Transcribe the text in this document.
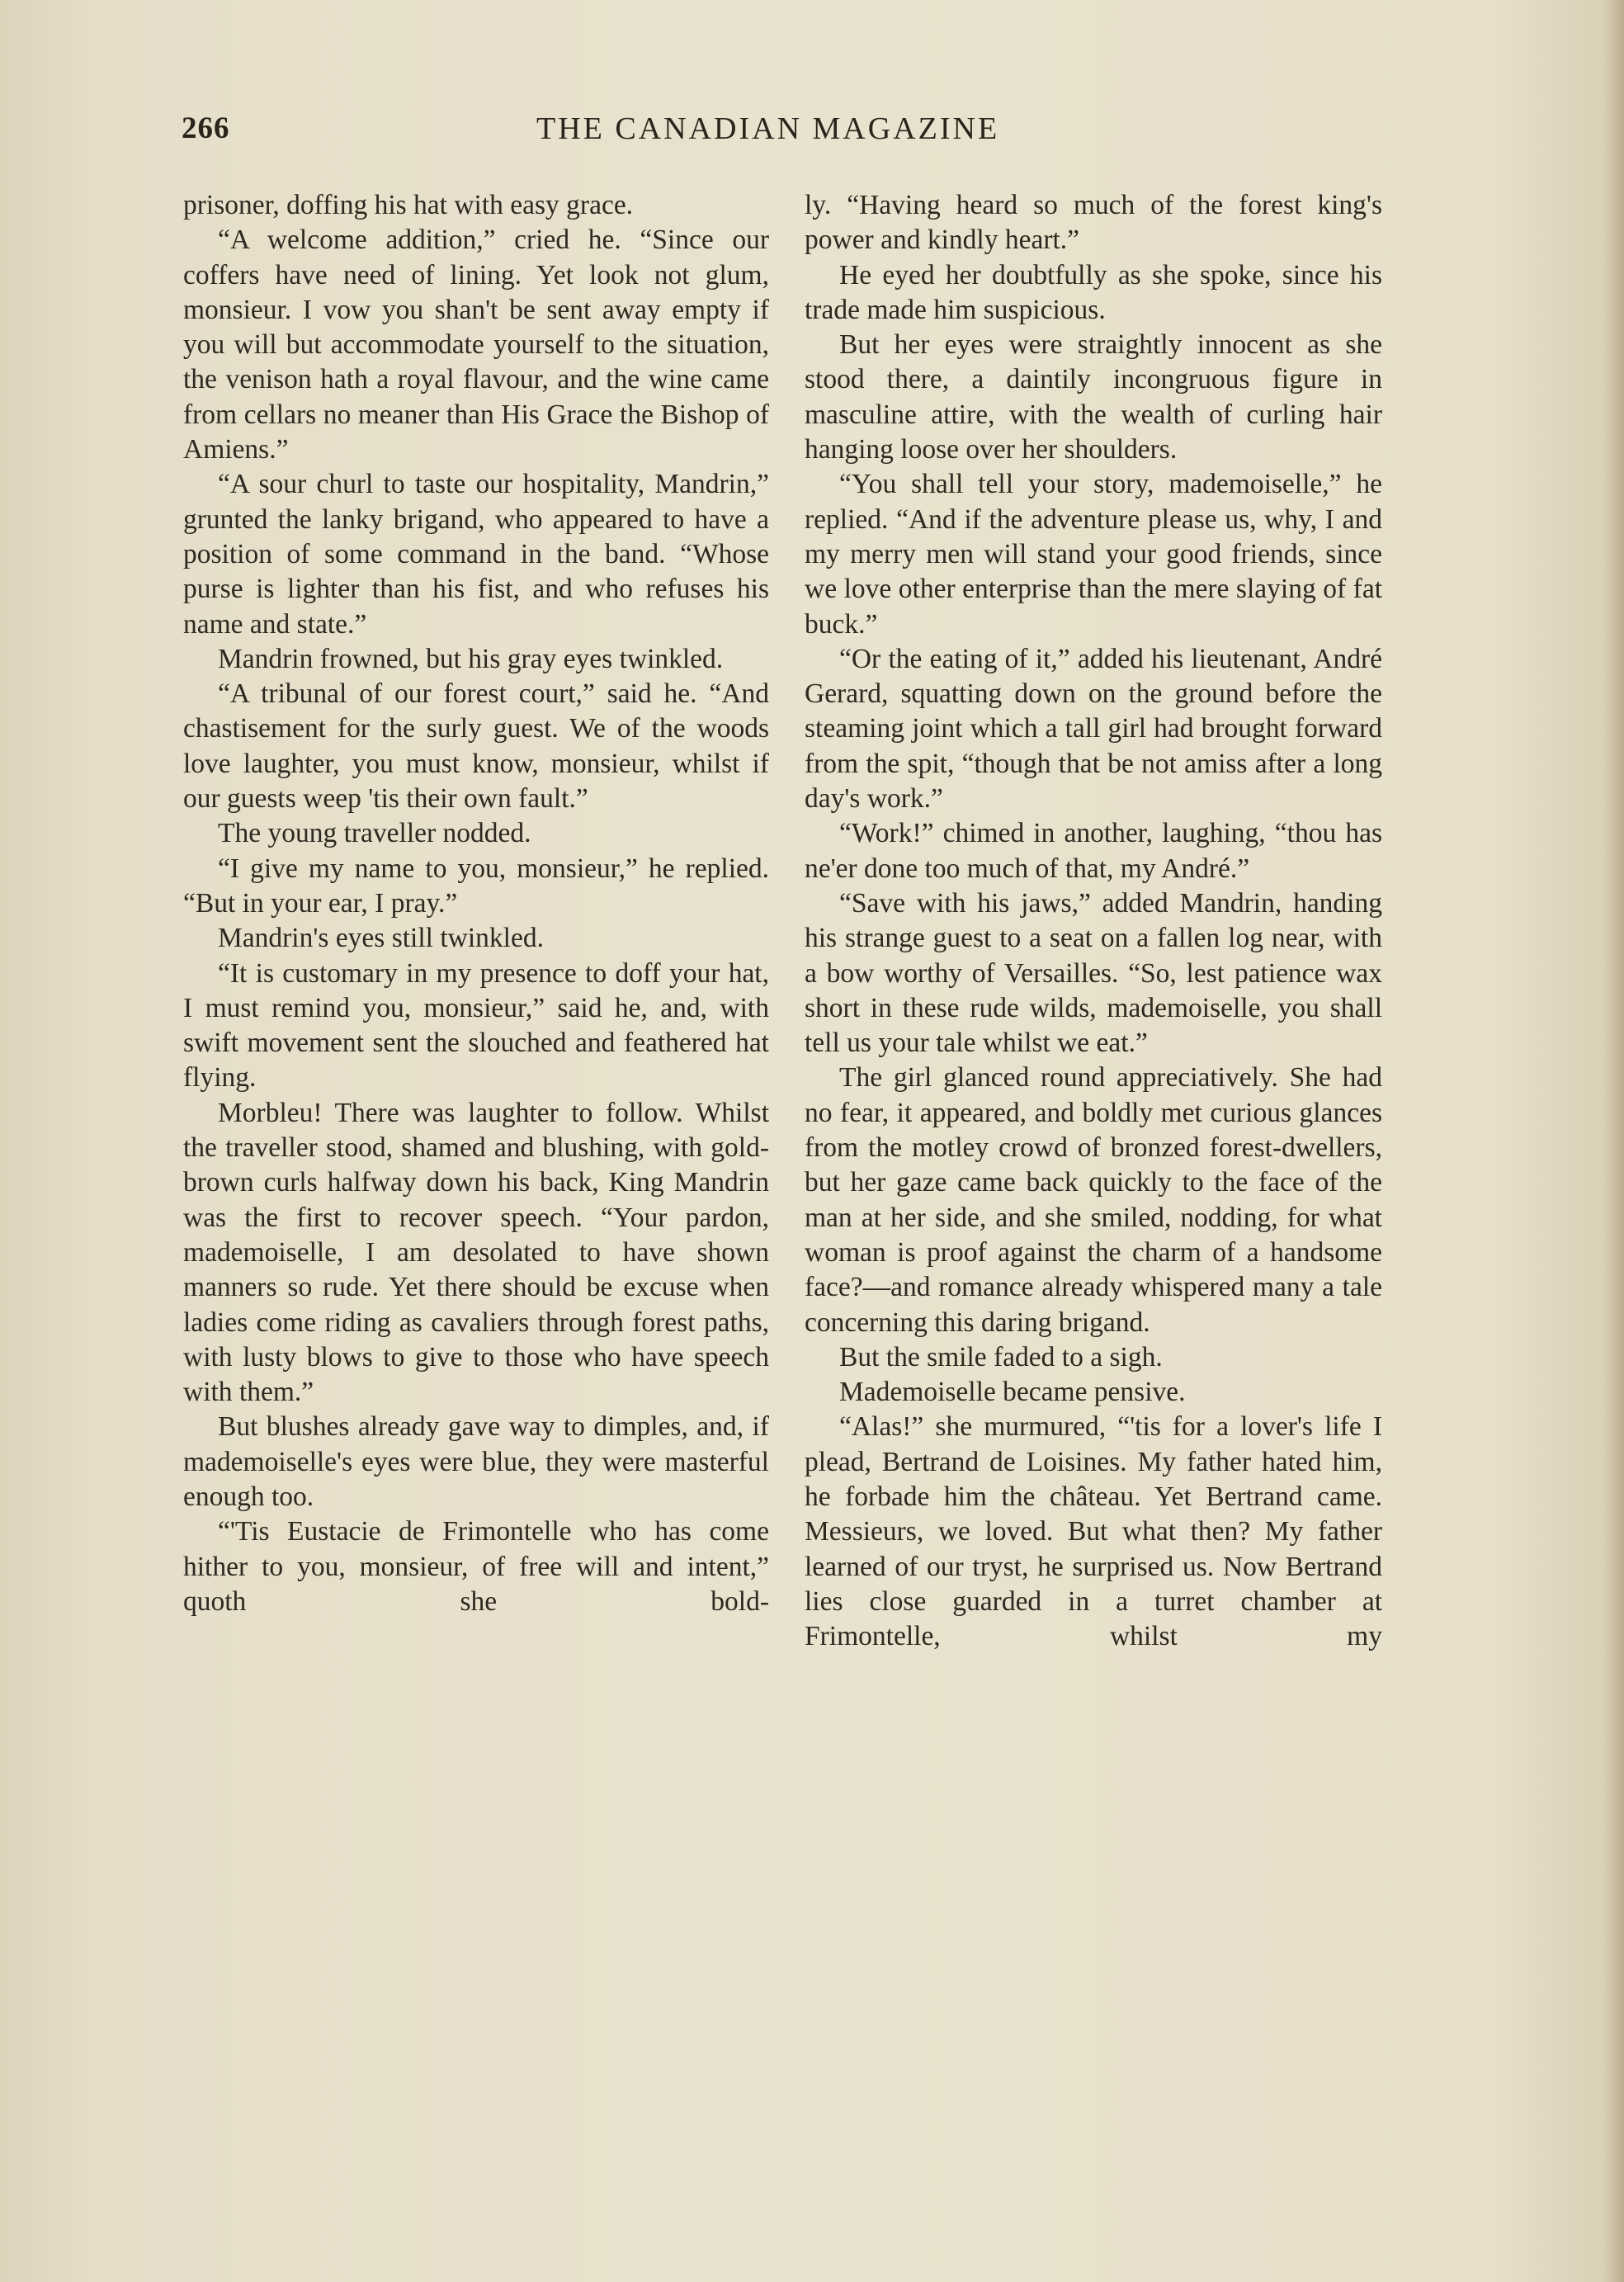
266	THE CANADIAN MAGAZINE

prisoner, doffing his hat with easy grace.

“A welcome addition,” cried he. “Since our coffers have need of lining. Yet look not glum, monsieur. I vow you shan't be sent away empty if you will but accommodate yourself to the situation, the venison hath a royal flavour, and the wine came from cellars no meaner than His Grace the Bishop of Amiens.”

“A sour churl to taste our hospitality, Mandrin,” grunted the lanky brigand, who appeared to have a position of some command in the band. “Whose purse is lighter than his fist, and who refuses his name and state.”

Mandrin frowned, but his gray eyes twinkled.

“A tribunal of our forest court,” said he. “And chastisement for the surly guest. We of the woods love laughter, you must know, monsieur, whilst if our guests weep 'tis their own fault.”

The young traveller nodded.

“I give my name to you, monsieur,” he replied. “But in your ear, I pray.”

Mandrin's eyes still twinkled.

“It is customary in my presence to doff your hat, I must remind you, monsieur,” said he, and, with swift movement sent the slouched and feathered hat flying.

Morbleu! There was laughter to follow. Whilst the traveller stood, shamed and blushing, with gold-brown curls halfway down his back, King Mandrin was the first to recover speech. “Your pardon, mademoiselle, I am desolated to have shown manners so rude. Yet there should be excuse when ladies come riding as cavaliers through forest paths, with lusty blows to give to those who have speech with them.”

But blushes already gave way to dimples, and, if mademoiselle's eyes were blue, they were masterful enough too.

“'Tis Eustacie de Frimontelle who has come hither to you, monsieur, of free will and intent,” quoth she bold-

ly. “Having heard so much of the forest king's power and kindly heart.”

He eyed her doubtfully as she spoke, since his trade made him suspicious.

But her eyes were straightly innocent as she stood there, a daintily incongruous figure in masculine attire, with the wealth of curling hair hanging loose over her shoulders.

“You shall tell your story, mademoiselle,” he replied. “And if the adventure please us, why, I and my merry men will stand your good friends, since we love other enterprise than the mere slaying of fat buck.”

“Or the eating of it,” added his lieutenant, André Gerard, squatting down on the ground before the steaming joint which a tall girl had brought forward from the spit, “though that be not amiss after a long day's work.”

“Work!” chimed in another, laughing, “thou has ne'er done too much of that, my André.”

“Save with his jaws,” added Mandrin, handing his strange guest to a seat on a fallen log near, with a bow worthy of Versailles. “So, lest patience wax short in these rude wilds, mademoiselle, you shall tell us your tale whilst we eat.”

The girl glanced round appreciatively. She had no fear, it appeared, and boldly met curious glances from the motley crowd of bronzed forest-dwellers, but her gaze came back quickly to the face of the man at her side, and she smiled, nodding, for what woman is proof against the charm of a handsome face?—and romance already whispered many a tale concerning this daring brigand.

But the smile faded to a sigh.

Mademoiselle became pensive.

“Alas!” she murmured, “'tis for a lover's life I plead, Bertrand de Loisines. My father hated him, he forbade him the château. Yet Bertrand came. Messieurs, we loved. But what then? My father learned of our tryst, he surprised us. Now Bertrand lies close guarded in a turret chamber at Frimontelle, whilst my
